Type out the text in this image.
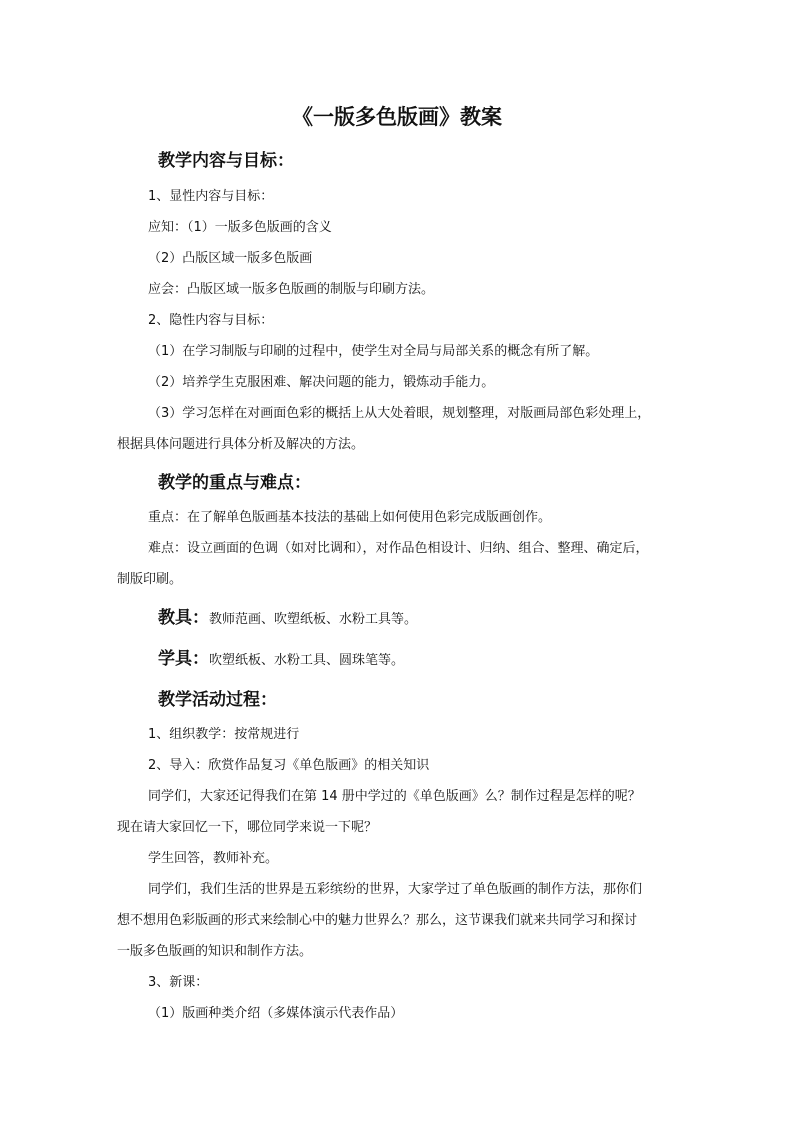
《一版多色版画》教案
教学内容与目标：
1、显性内容与目标：
应知：（1）一版多色版画的含义
（2）凸版区域一版多色版画
应会：凸版区域一版多色版画的制版与印刷方法。
2、隐性内容与目标：
（1）在学习制版与印刷的过程中，使学生对全局与局部关系的概念有所了解。
（2）培养学生克服困难、解决问题的能力，锻炼动手能力。
（3）学习怎样在对画面色彩的概括上从大处着眼，规划整理，对版画局部色彩处理上，
根据具体问题进行具体分析及解决的方法。
教学的重点与难点：
重点：在了解单色版画基本技法的基础上如何使用色彩完成版画创作。
难点：设立画面的色调（如对比调和），对作品色相设计、归纳、组合、整理、确定后，
制版印刷。
教具：教师范画、吹塑纸板、水粉工具等。
学具：吹塑纸板、水粉工具、圆珠笔等。
教学活动过程：
1、组织教学：按常规进行
2、导入：欣赏作品复习《单色版画》的相关知识
同学们，大家还记得我们在第 14 册中学过的《单色版画》么？制作过程是怎样的呢？
现在请大家回忆一下，哪位同学来说一下呢？
学生回答，教师补充。
同学们，我们生活的世界是五彩缤纷的世界，大家学过了单色版画的制作方法，那你们
想不想用色彩版画的形式来绘制心中的魅力世界么？那么，这节课我们就来共同学习和探讨
一版多色版画的知识和制作方法。
3、新课：
（1）版画种类介绍（多媒体演示代表作品）
